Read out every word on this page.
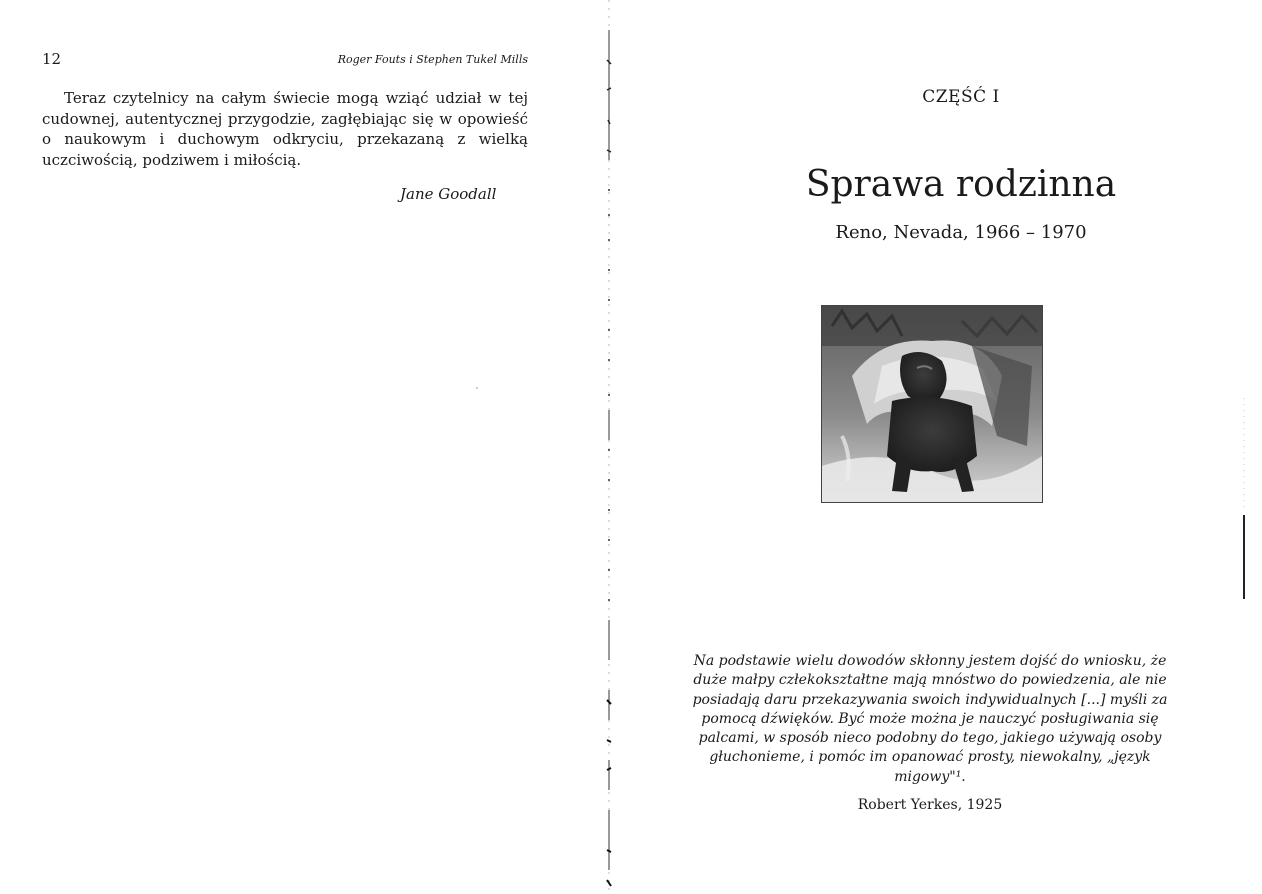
12	Roger Fouts i Stephen Tukel Mills

Teraz czytelnicy na całym świecie mogą wziąć udział w tej cudownej, autentycznej przygodzie, zagłębiając się w opowieść o naukowym i duchowym odkryciu, przekazaną z wielką uczciwością, podziwem i miłością.

Jane Goodall
CZĘŚĆ I
Sprawa rodzinna
Reno, Nevada, 1966 – 1970

Na podstawie wielu dowodów skłonny jestem dojść do wniosku, że duże małpy człekokształtne mają mnóstwo do powiedzenia, ale nie posiadają daru przekazywania swoich indywidualnych [...] myśli za pomocą dźwięków. Być może można je nauczyć posługiwania się palcami, w sposób nieco podobny do tego, jakiego używają osoby głuchonieme, i pomóc im opanować prosty, niewokalny, „język migowy"¹.

Robert Yerkes, 1925
